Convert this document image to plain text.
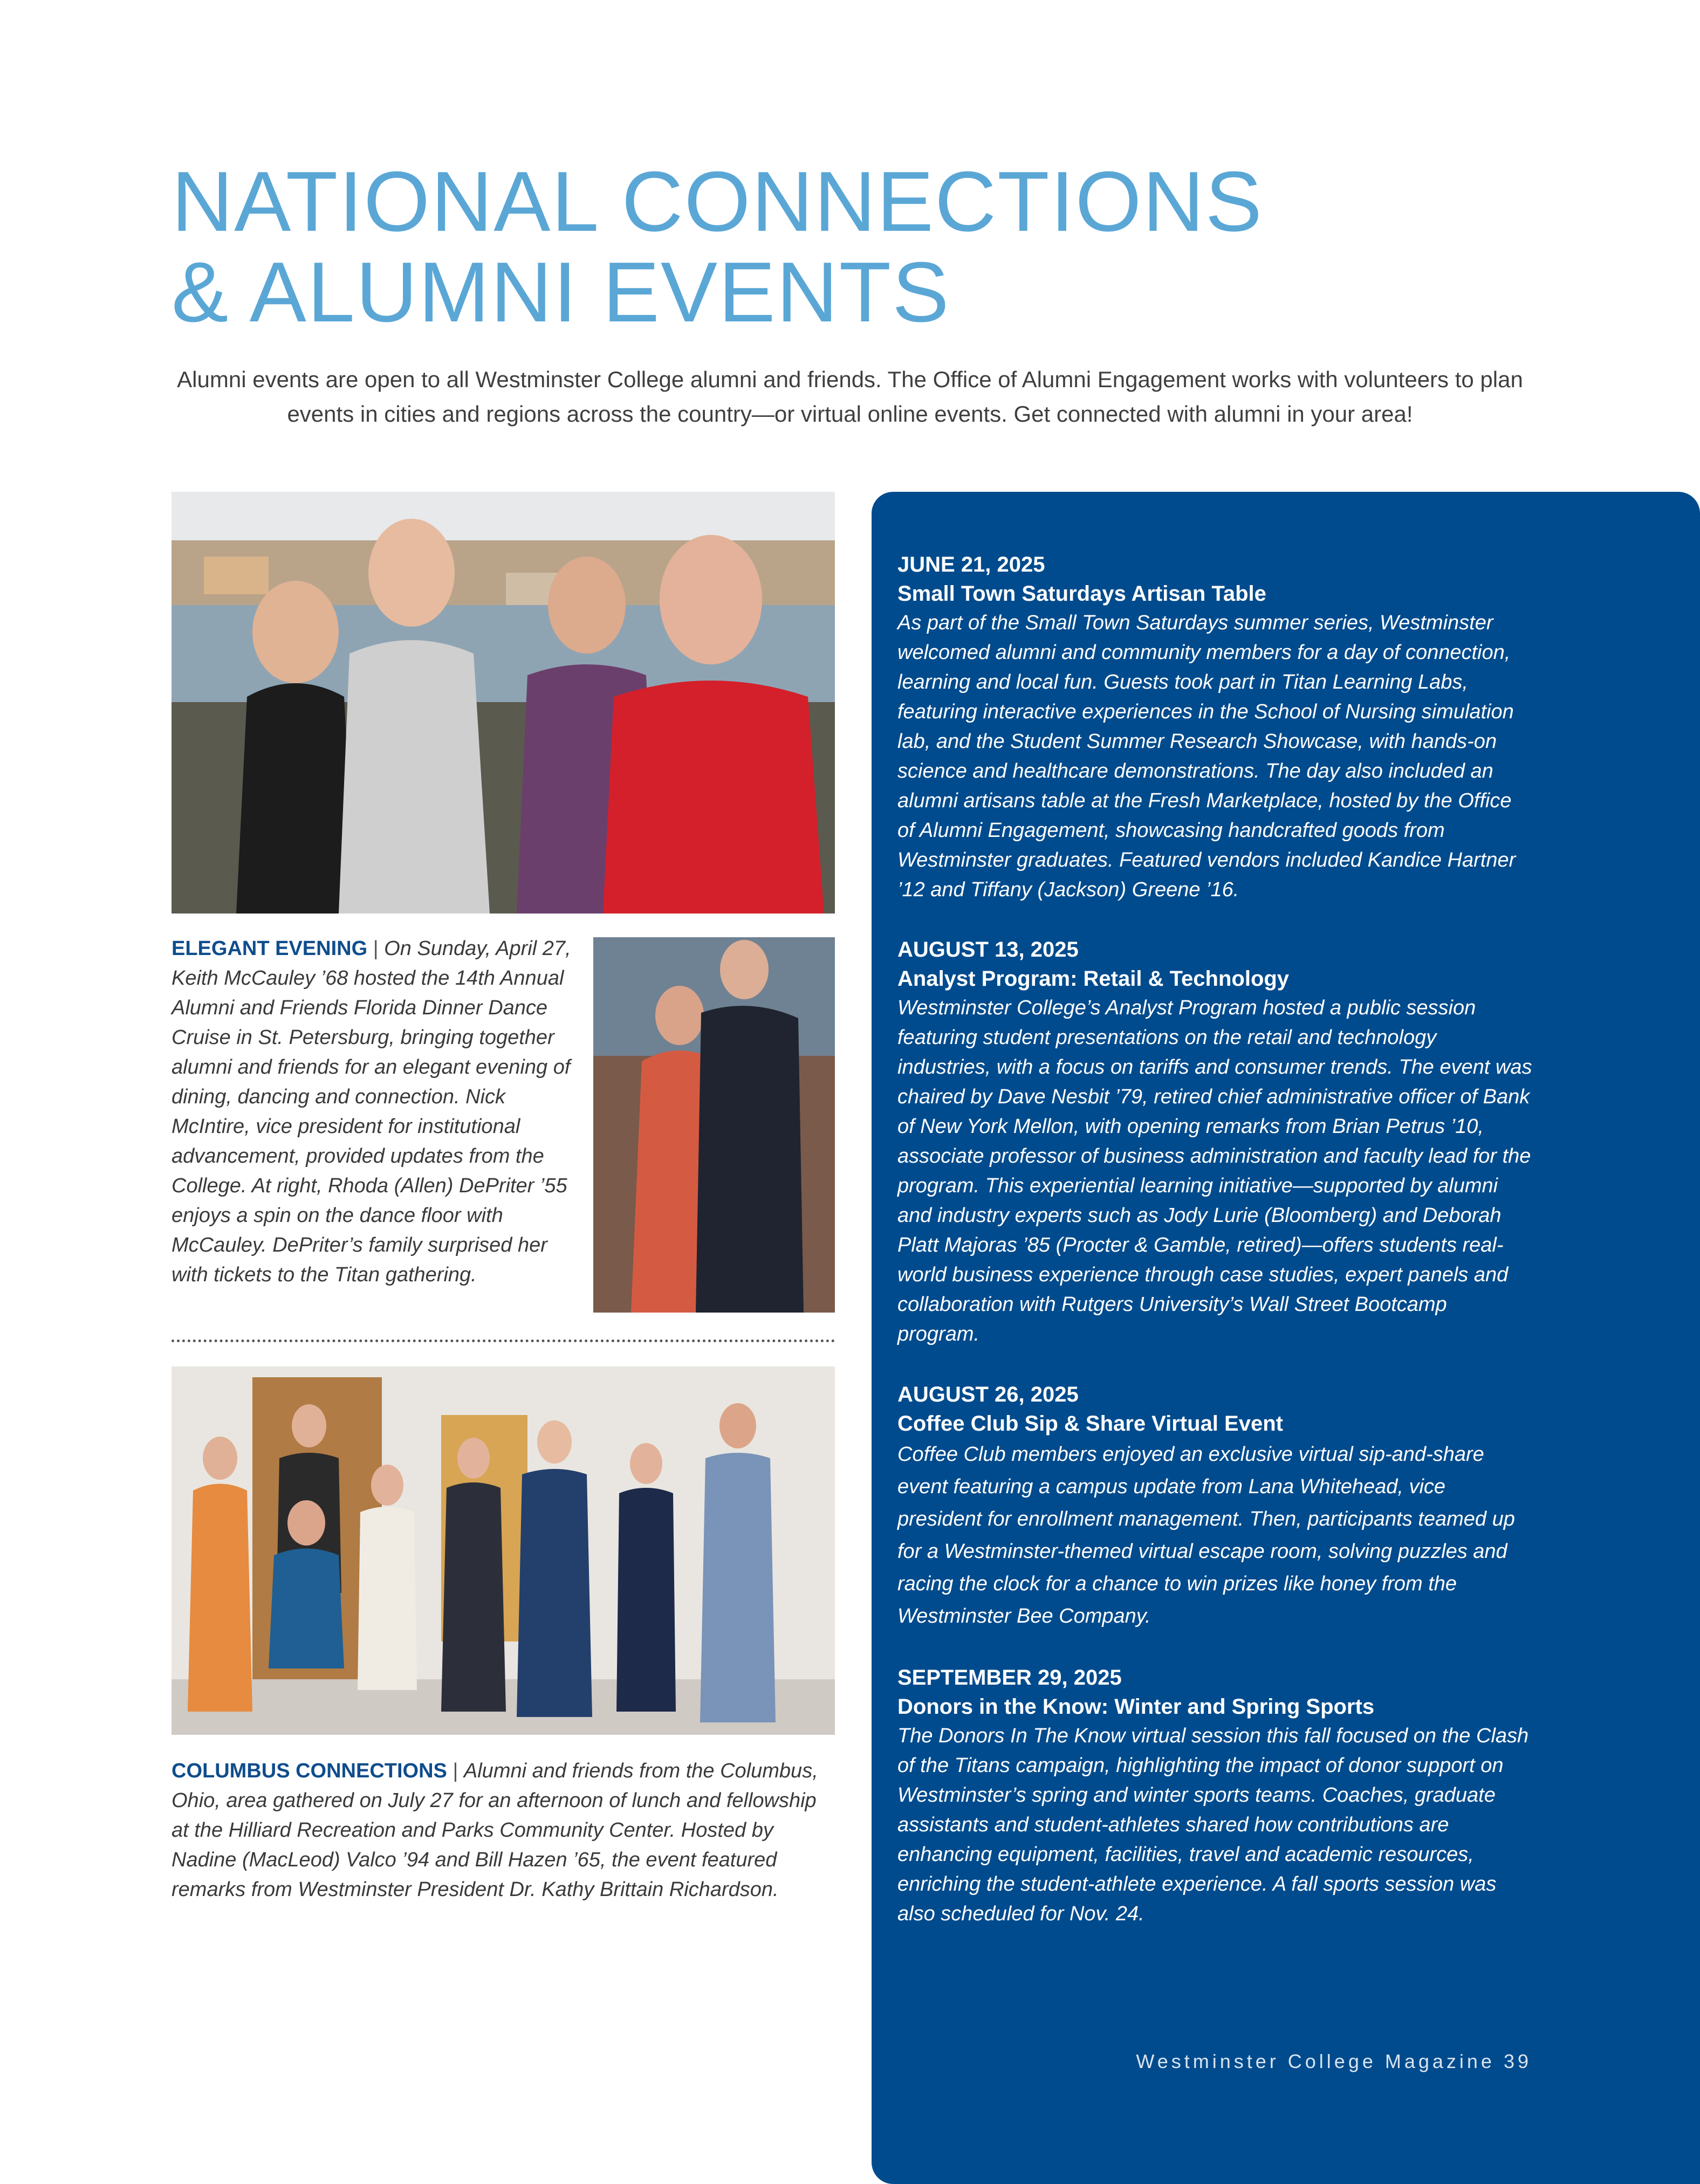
NATIONAL CONNECTIONS
& ALUMNI EVENTS
Alumni events are open to all Westminster College alumni and friends. The Office of Alumni Engagement works with volunteers to plan events in cities and regions across the country—or virtual online events. Get connected with alumni in your area!
ELEGANT EVENING | On Sunday, April 27, Keith McCauley ’68 hosted the 14th Annual Alumni and Friends Florida Dinner Dance Cruise in St. Petersburg, bringing together alumni and friends for an elegant evening of dining, dancing and connection. Nick McIntire, vice president for institutional advancement, provided updates from the College. At right, Rhoda (Allen) DePriter ’55 enjoys a spin on the dance floor with McCauley. DePriter’s family surprised her with tickets to the Titan gathering.
COLUMBUS CONNECTIONS | Alumni and friends from the Columbus, Ohio, area gathered on July 27 for an afternoon of lunch and fellowship at the Hilliard Recreation and Parks Community Center. Hosted by Nadine (MacLeod) Valco ’94 and Bill Hazen ’65, the event featured remarks from Westminster President Dr. Kathy Brittain Richardson.
JUNE 21, 2025
Small Town Saturdays Artisan Table
As part of the Small Town Saturdays summer series, Westminster welcomed alumni and community members for a day of connection, learning and local fun. Guests took part in Titan Learning Labs, featuring interactive experiences in the School of Nursing simulation lab, and the Student Summer Research Showcase, with hands-on science and healthcare demonstrations. The day also included an alumni artisans table at the Fresh Marketplace, hosted by the Office of Alumni Engagement, showcasing handcrafted goods from Westminster graduates. Featured vendors included Kandice Hartner ’12 and Tiffany (Jackson) Greene ’16.
AUGUST 13, 2025
Analyst Program: Retail & Technology
Westminster College’s Analyst Program hosted a public session featuring student presentations on the retail and technology industries, with a focus on tariffs and consumer trends. The event was chaired by Dave Nesbit ’79, retired chief administrative officer of Bank of New York Mellon, with opening remarks from Brian Petrus ’10, associate professor of business administration and faculty lead for the program. This experiential learning initiative—supported by alumni and industry experts such as Jody Lurie (Bloomberg) and Deborah Platt Majoras ’85 (Procter & Gamble, retired)—offers students real-world business experience through case studies, expert panels and collaboration with Rutgers University’s Wall Street Bootcamp program.
AUGUST 26, 2025
Coffee Club Sip & Share Virtual Event
Coffee Club members enjoyed an exclusive virtual sip-and-share event featuring a campus update from Lana Whitehead, vice president for enrollment management. Then, participants teamed up for a Westminster-themed virtual escape room, solving puzzles and racing the clock for a chance to win prizes like honey from the Westminster Bee Company.
SEPTEMBER 29, 2025
Donors in the Know: Winter and Spring Sports
The Donors In The Know virtual session this fall focused on the Clash of the Titans campaign, highlighting the impact of donor support on Westminster’s spring and winter sports teams. Coaches, graduate assistants and student-athletes shared how contributions are enhancing equipment, facilities, travel and academic resources, enriching the student-athlete experience. A fall sports session was also scheduled for Nov. 24.
Westminster College Magazine 39
